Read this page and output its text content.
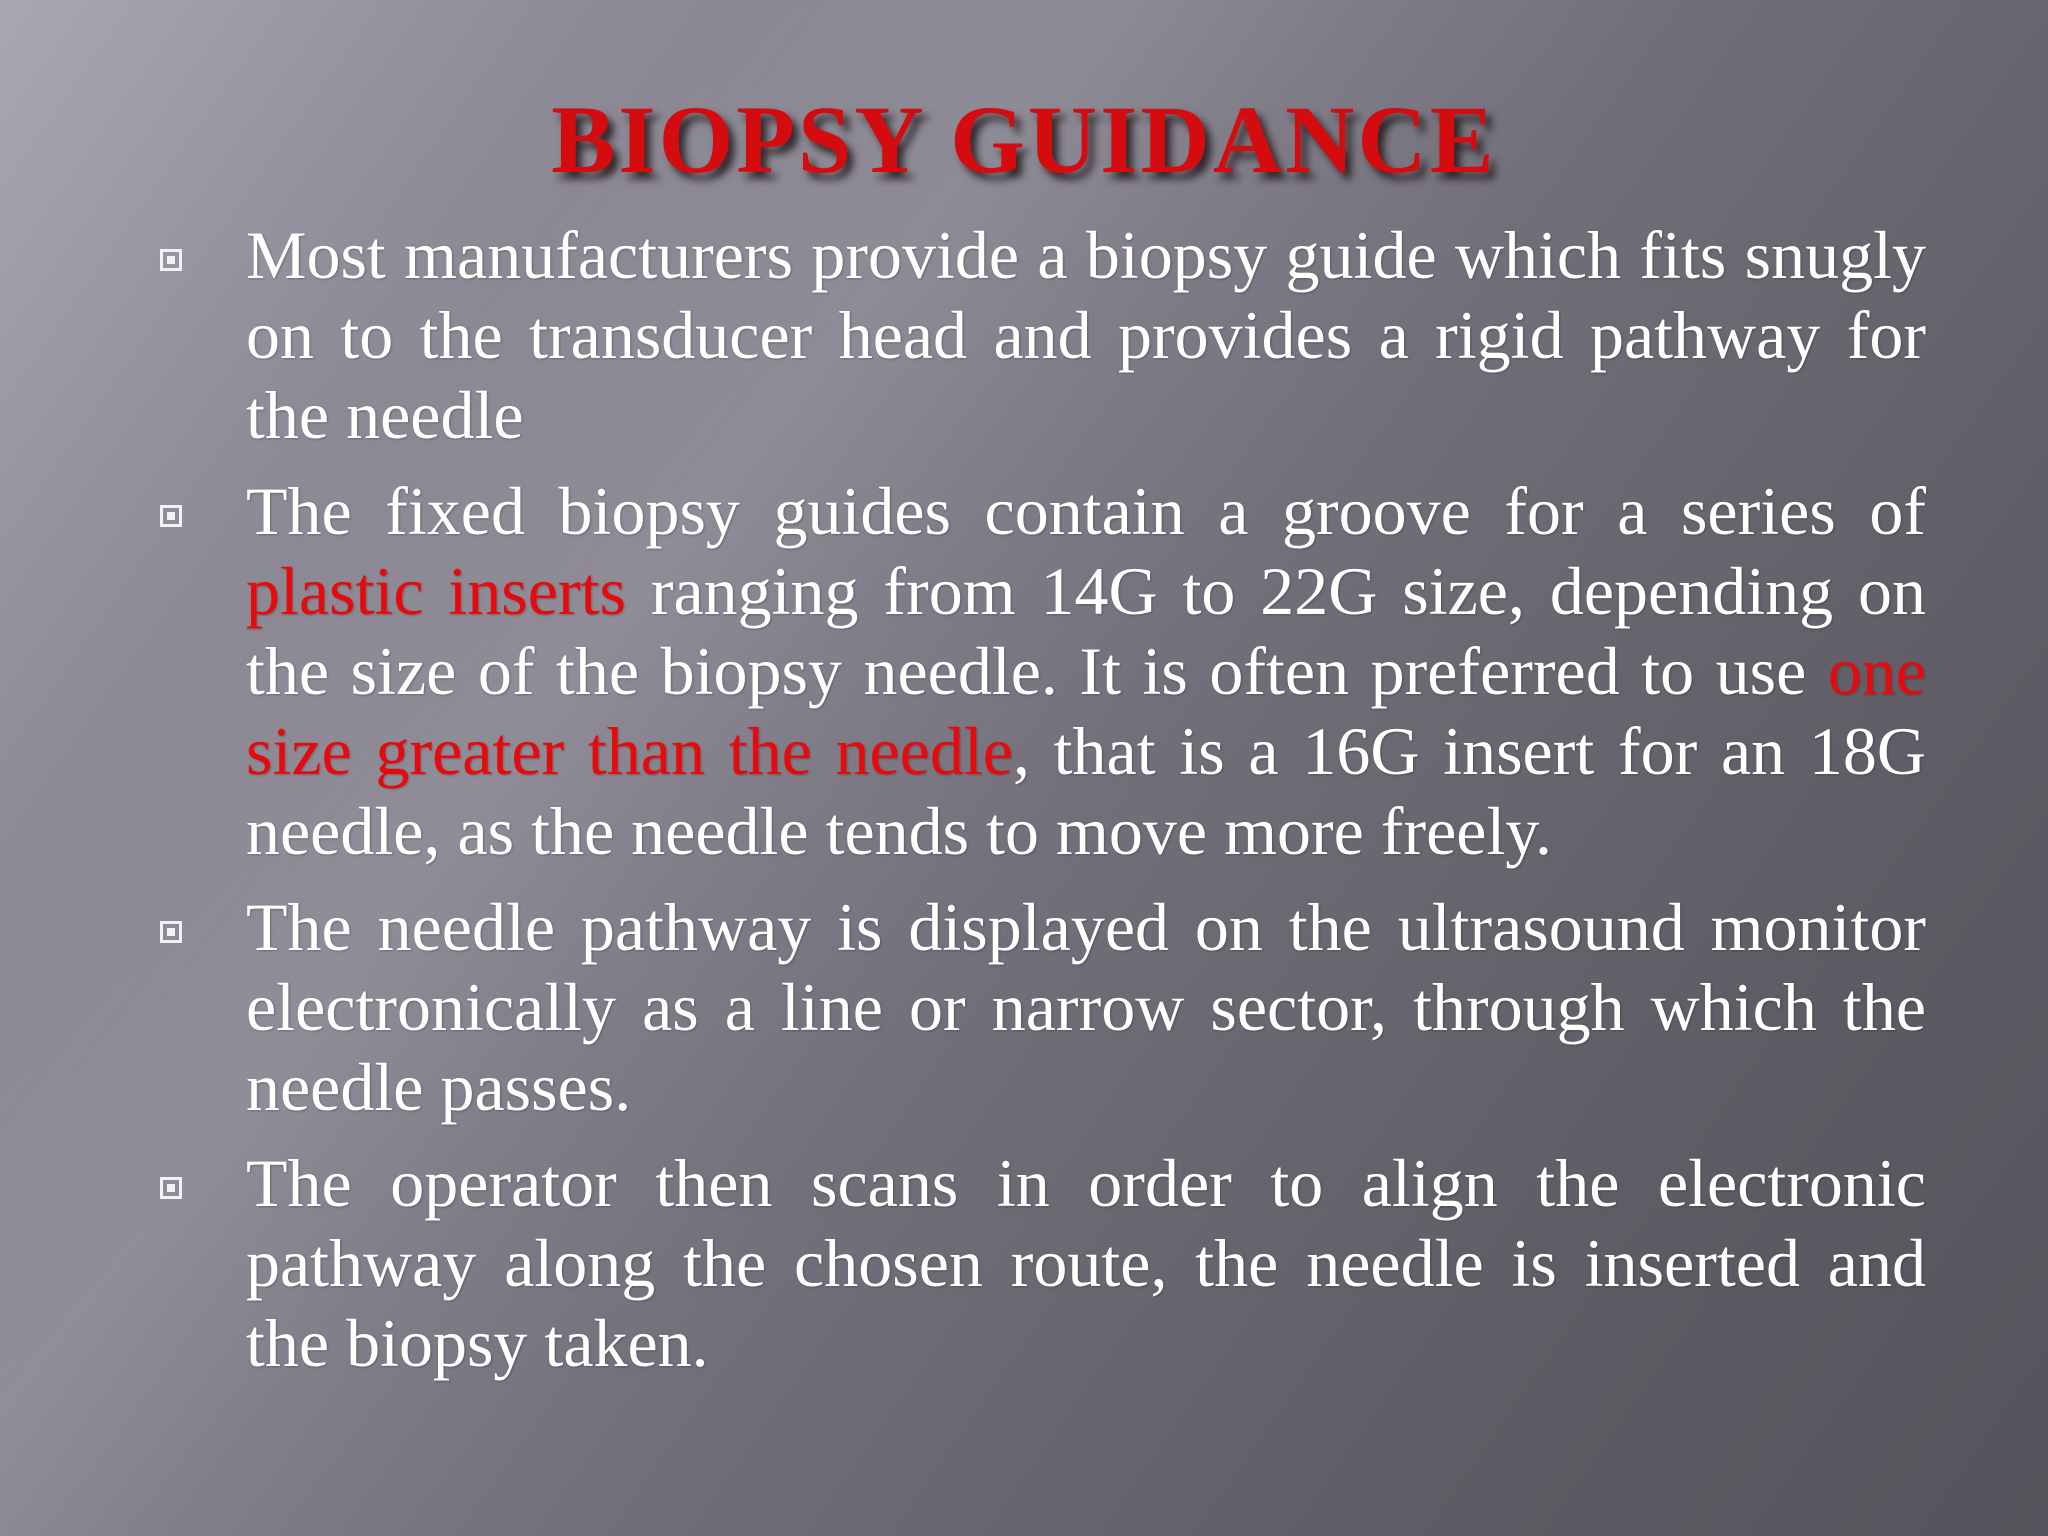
BIOPSY GUIDANCE
Most manufacturers provide a biopsy guide which fits snugly on to the transducer head and provides a rigid pathway for the needle
The fixed biopsy guides contain a groove for a series of plastic inserts ranging from 14G to 22G size, depending on the size of the biopsy needle. It is often preferred to use one size greater than the needle, that is a 16G insert for an 18G needle, as the needle tends to move more freely.
The needle pathway is displayed on the ultrasound monitor electronically as a line or narrow sector, through which the needle passes.
The operator then scans in order to align the electronic pathway along the chosen route, the needle is inserted and the biopsy taken.
